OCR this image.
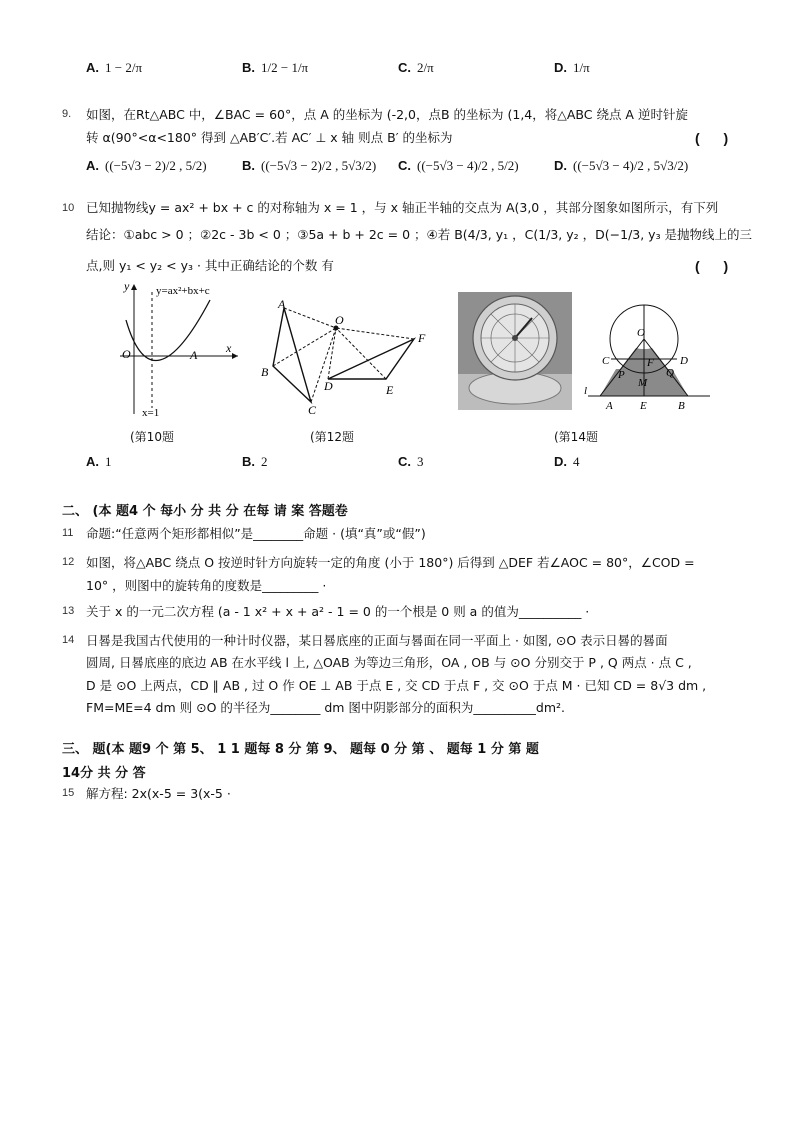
A. 1 − 2/π	B. 1/2 − 1/π	C. 2/π	D. 1/π
9. 如图，在Rt△ABC 中，∠BAC = 60°，点 A 的坐标为 (-2,0，点B 的坐标为 (1,4，将△ABC 绕点 A 逆时针旋
转 α(90°<α<180° 得到 △AB′C′.若 AC′ ⊥ x 轴 则点 B′ 的坐标为	( )
A. ((−5√3 − 2)/2 , 5/2)	B. ((−5√3 − 2)/2 , 5√3/2) C. ((−5√3 − 4)/2 , 5/2)	D. ((−5√3 − 4)/2 , 5√3/2)
10 已知抛物线y = ax² + bx + c 的对称轴为 x = 1 ，与 x 轴正半轴的交点为 A(3,0 ，其部分图象如图所示，有下列
结论：①abc > 0 ；②2c - 3b < 0 ；③5a + b + 2c = 0 ；④若 B(4/3, y₁ ，C(1/3, y₂ ，D(−1/3, y₃ 是抛物线上的三
点,则 y₁ < y₂ < y₃ · 其中正确结论的个数 有	( )
y
x
O	A
y=ax²+bx+c
x=1
A
O
F
B
D	E
C
O
C	F D
P
M
Q
l
A E	B
(第10题	(第12题	(第14题
A. 1	B. 2	C. 3	D. 4
二、 (本 题4 个 每小 分 共 分 在每 请 案 答题卷
11 命题:“任意两个矩形都相似”是________命题 · (填“真”或“假”)
12 如图，将△ABC 绕点 O 按逆时针方向旋转一定的角度 (小于 180°) 后得到 △DEF 若∠AOC = 80°，∠COD =
10° ，则图中的旋转角的度数是_________ ·
13 关于 x 的一元二次方程 (a - 1 x² + x + a² - 1 = 0 的一个根是 0 则 a 的值为__________ ·
14 日晷是我国古代使用的一种计时仪器，某日晷底座的正面与晷面在同一平面上 · 如图, ⊙O 表示日晷的晷面
圆周, 日晷底座的底边 AB 在水平线 l 上, △OAB 为等边三角形，OA , OB 与 ⊙O 分别交于 P , Q 两点 · 点 C ,
D 是 ⊙O 上两点，CD ∥ AB , 过 O 作 OE ⊥ AB 于点 E , 交 CD 于点 F , 交 ⊙O 于点 M · 已知 CD = 8√3 dm ,
FM=ME=4 dm 则 ⊙O 的半径为________ dm 图中阴影部分的面积为__________dm².
三、 题(本 题9 个 第 5、 1 1 题每 8 分 第 9、 题每 0 分 第 、 题每 1 分 第 题
14分 共 分 答
15 解方程: 2x(x-5 = 3(x-5 ·
